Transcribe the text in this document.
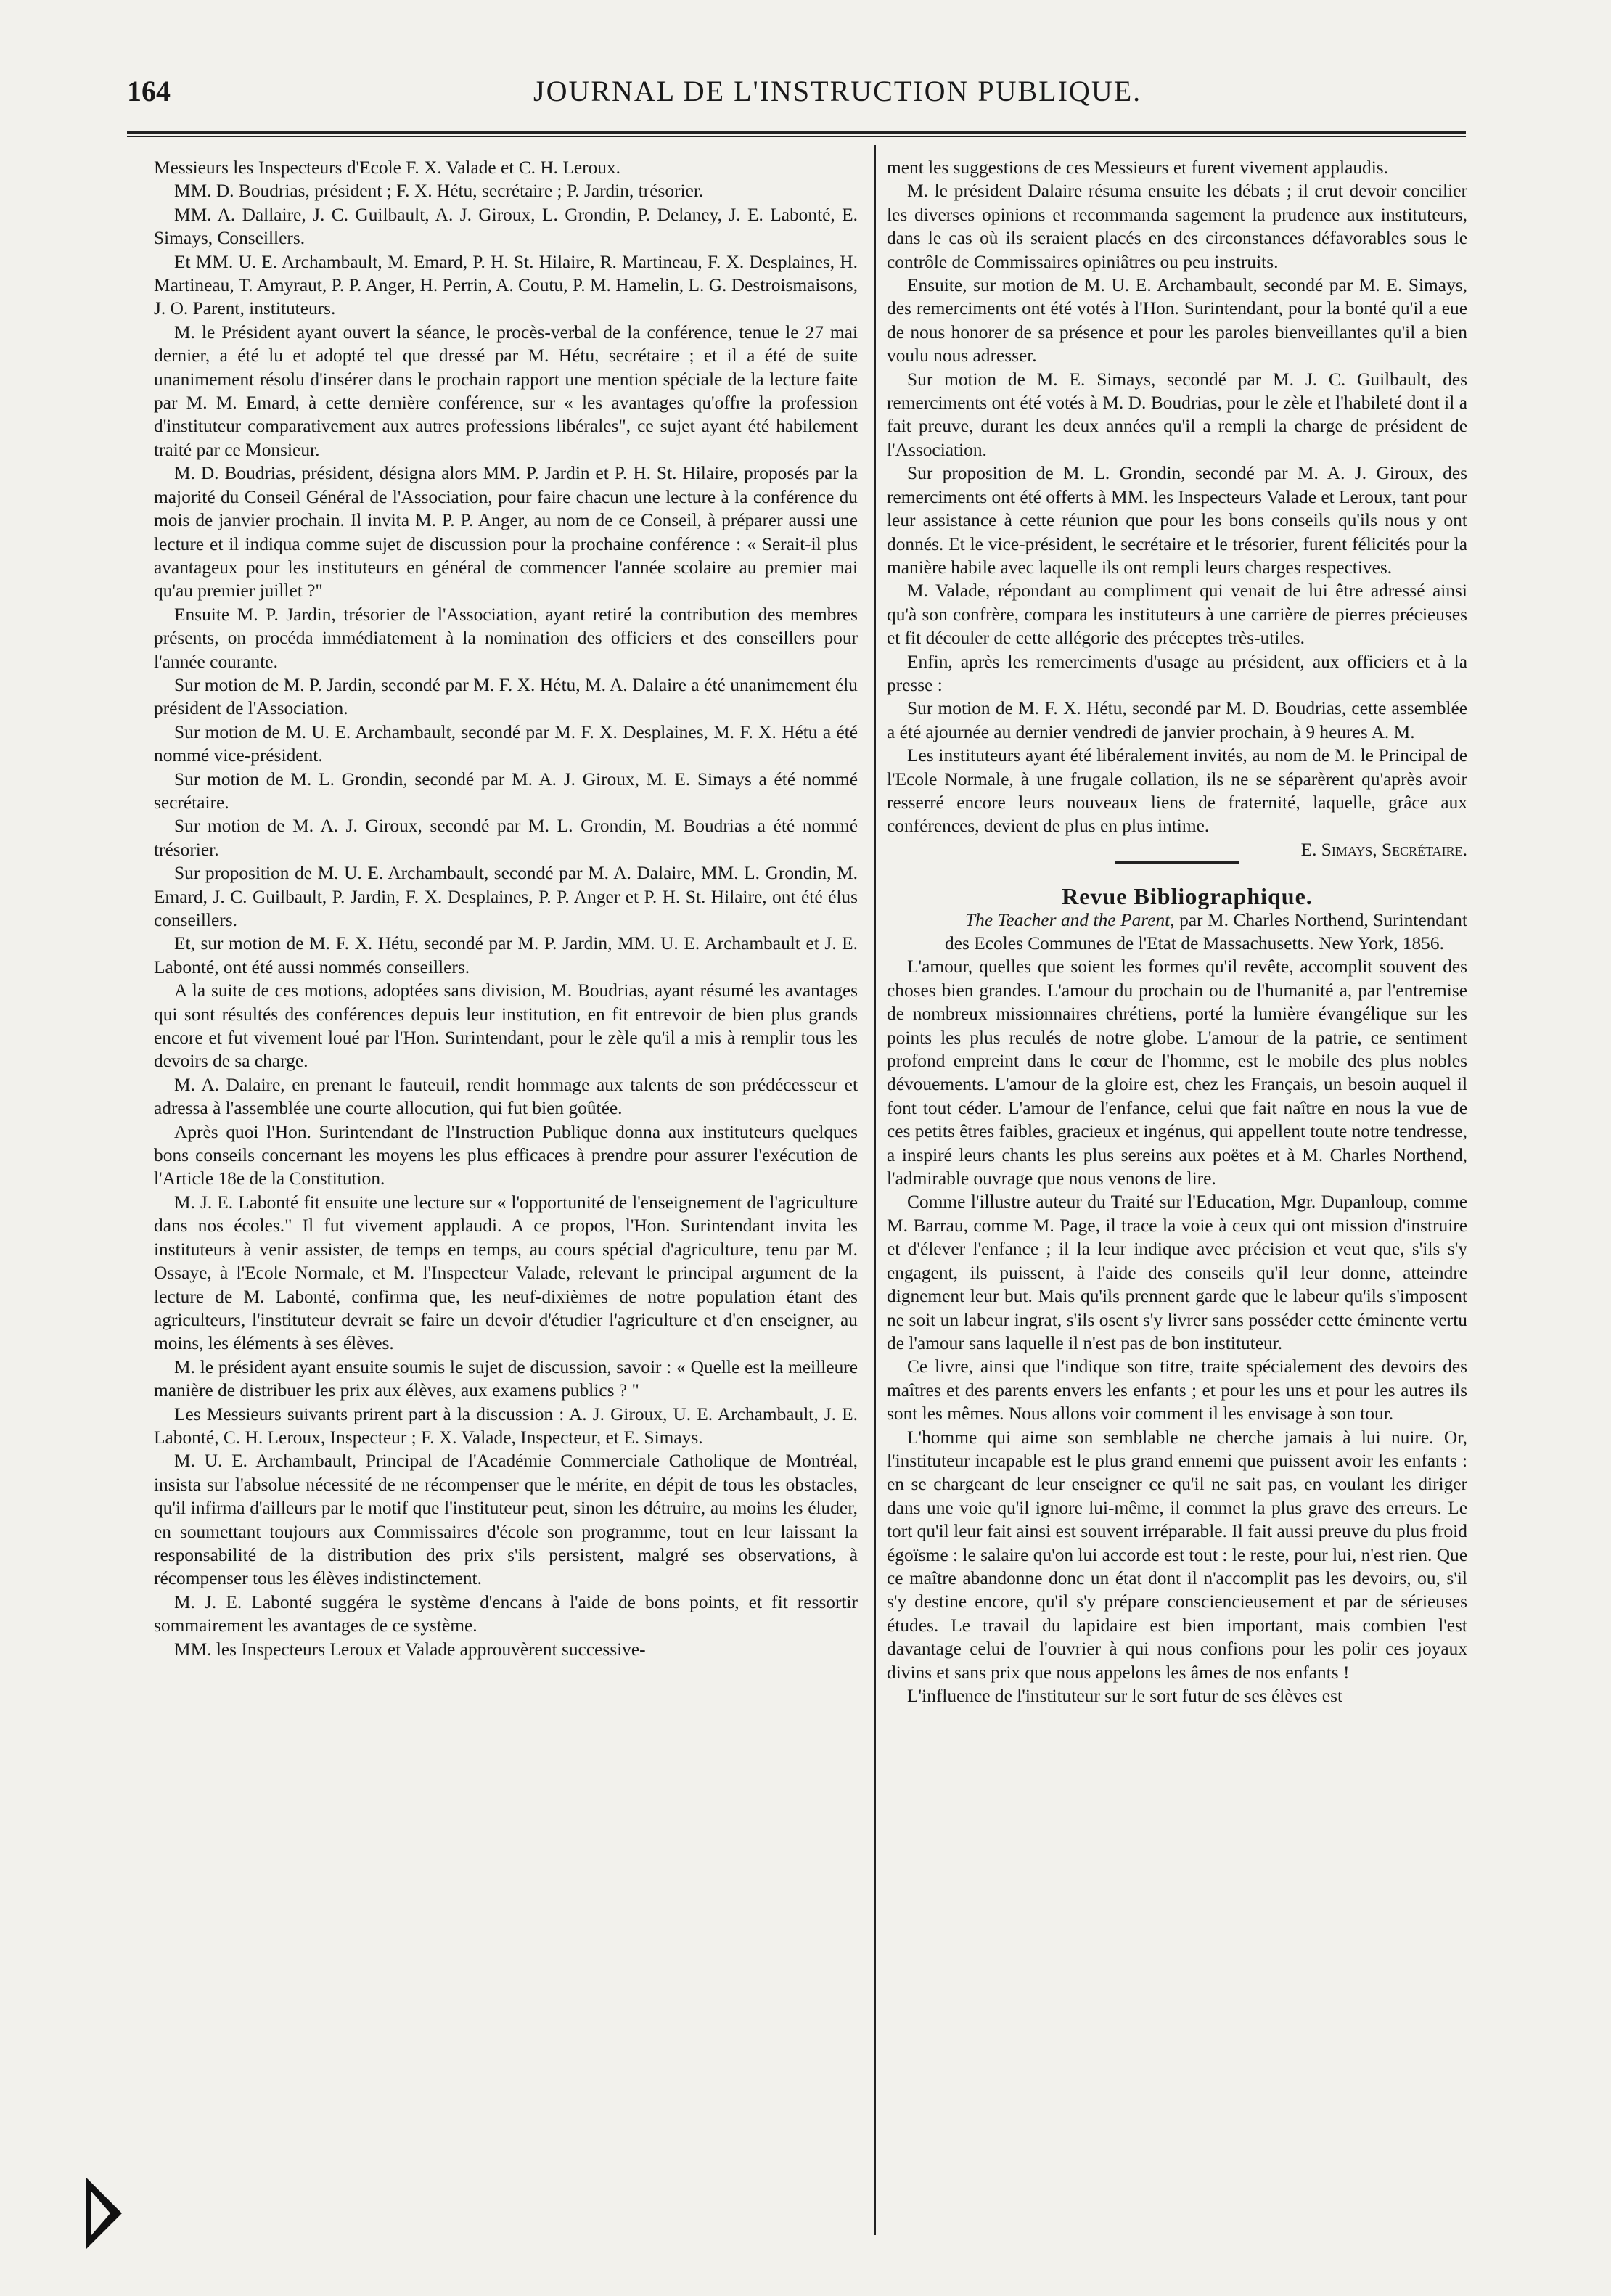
164	JOURNAL DE L'INSTRUCTION PUBLIQUE.

Messieurs les Inspecteurs d'Ecole F. X. Valade et C. H. Leroux.

MM. D. Boudrias, président ; F. X. Hétu, secrétaire ; P. Jardin, trésorier.

MM. A. Dallaire, J. C. Guilbault, A. J. Giroux, L. Grondin, P. Delaney, J. E. Labonté, E. Simays, Conseillers.

Et MM. U. E. Archambault, M. Emard, P. H. St. Hilaire, R. Martineau, F. X. Desplaines, H. Martineau, T. Amyraut, P. P. Anger, H. Perrin, A. Coutu, P. M. Hamelin, L. G. Destroismaisons, J. O. Parent, instituteurs.

M. le Président ayant ouvert la séance, le procès-verbal de la conférence, tenue le 27 mai dernier, a été lu et adopté tel que dressé par M. Hétu, secrétaire ; et il a été de suite unanimement résolu d'insérer dans le prochain rapport une mention spéciale de la lecture faite par M. M. Emard, à cette dernière conférence, sur « les avantages qu'offre la profession d'instituteur comparativement aux autres professions libérales", ce sujet ayant été habilement traité par ce Monsieur.

M. D. Boudrias, président, désigna alors MM. P. Jardin et P. H. St. Hilaire, proposés par la majorité du Conseil Général de l'Association, pour faire chacun une lecture à la conférence du mois de janvier prochain. Il invita M. P. P. Anger, au nom de ce Conseil, à préparer aussi une lecture et il indiqua comme sujet de discussion pour la prochaine conférence : « Serait-il plus avantageux pour les instituteurs en général de commencer l'année scolaire au premier mai qu'au premier juillet ?"

Ensuite M. P. Jardin, trésorier de l'Association, ayant retiré la contribution des membres présents, on procéda immédiatement à la nomination des officiers et des conseillers pour l'année courante.

Sur motion de M. P. Jardin, secondé par M. F. X. Hétu, M. A. Dalaire a été unanimement élu président de l'Association.

Sur motion de M. U. E. Archambault, secondé par M. F. X. Desplaines, M. F. X. Hétu a été nommé vice-président.

Sur motion de M. L. Grondin, secondé par M. A. J. Giroux, M. E. Simays a été nommé secrétaire.

Sur motion de M. A. J. Giroux, secondé par M. L. Grondin, M. Boudrias a été nommé trésorier.

Sur proposition de M. U. E. Archambault, secondé par M. A. Dalaire, MM. L. Grondin, M. Emard, J. C. Guilbault, P. Jardin, F. X. Desplaines, P. P. Anger et P. H. St. Hilaire, ont été élus conseillers.

Et, sur motion de M. F. X. Hétu, secondé par M. P. Jardin, MM. U. E. Archambault et J. E. Labonté, ont été aussi nommés conseillers.

A la suite de ces motions, adoptées sans division, M. Boudrias, ayant résumé les avantages qui sont résultés des conférences depuis leur institution, en fit entrevoir de bien plus grands encore et fut vivement loué par l'Hon. Surintendant, pour le zèle qu'il a mis à remplir tous les devoirs de sa charge.

M. A. Dalaire, en prenant le fauteuil, rendit hommage aux talents de son prédécesseur et adressa à l'assemblée une courte allocution, qui fut bien goûtée.

Après quoi l'Hon. Surintendant de l'Instruction Publique donna aux instituteurs quelques bons conseils concernant les moyens les plus efficaces à prendre pour assurer l'exécution de l'Article 18e de la Constitution.

M. J. E. Labonté fit ensuite une lecture sur « l'opportunité de l'enseignement de l'agriculture dans nos écoles." Il fut vivement applaudi. A ce propos, l'Hon. Surintendant invita les instituteurs à venir assister, de temps en temps, au cours spécial d'agriculture, tenu par M. Ossaye, à l'Ecole Normale, et M. l'Inspecteur Valade, relevant le principal argument de la lecture de M. Labonté, confirma que, les neuf-dixièmes de notre population étant des agriculteurs, l'instituteur devrait se faire un devoir d'étudier l'agriculture et d'en enseigner, au moins, les éléments à ses élèves.

M. le président ayant ensuite soumis le sujet de discussion, savoir : « Quelle est la meilleure manière de distribuer les prix aux élèves, aux examens publics ? "

Les Messieurs suivants prirent part à la discussion : A. J. Giroux, U. E. Archambault, J. E. Labonté, C. H. Leroux, Inspecteur ; F. X. Valade, Inspecteur, et E. Simays.

M. U. E. Archambault, Principal de l'Académie Commerciale Catholique de Montréal, insista sur l'absolue nécessité de ne récompenser que le mérite, en dépit de tous les obstacles, qu'il infirma d'ailleurs par le motif que l'instituteur peut, sinon les détruire, au moins les éluder, en soumettant toujours aux Commissaires d'école son programme, tout en leur laissant la responsabilité de la distribution des prix s'ils persistent, malgré ses observations, à récompenser tous les élèves indistinctement.

M. J. E. Labonté suggéra le système d'encans à l'aide de bons points, et fit ressortir sommairement les avantages de ce système.

MM. les Inspecteurs Leroux et Valade approuvèrent successive-

ment les suggestions de ces Messieurs et furent vivement applaudis.

M. le président Dalaire résuma ensuite les débats ; il crut devoir concilier les diverses opinions et recommanda sagement la prudence aux instituteurs, dans le cas où ils seraient placés en des circonstances défavorables sous le contrôle de Commissaires opiniâtres ou peu instruits.

Ensuite, sur motion de M. U. E. Archambault, secondé par M. E. Simays, des remerciments ont été votés à l'Hon. Surintendant, pour la bonté qu'il a eue de nous honorer de sa présence et pour les paroles bienveillantes qu'il a bien voulu nous adresser.

Sur motion de M. E. Simays, secondé par M. J. C. Guilbault, des remerciments ont été votés à M. D. Boudrias, pour le zèle et l'habileté dont il a fait preuve, durant les deux années qu'il a rempli la charge de président de l'Association.

Sur proposition de M. L. Grondin, secondé par M. A. J. Giroux, des remerciments ont été offerts à MM. les Inspecteurs Valade et Leroux, tant pour leur assistance à cette réunion que pour les bons conseils qu'ils nous y ont donnés. Et le vice-président, le secrétaire et le trésorier, furent félicités pour la manière habile avec laquelle ils ont rempli leurs charges respectives.

M. Valade, répondant au compliment qui venait de lui être adressé ainsi qu'à son confrère, compara les instituteurs à une carrière de pierres précieuses et fit découler de cette allégorie des préceptes très-utiles.

Enfin, après les remerciments d'usage au président, aux officiers et à la presse :

Sur motion de M. F. X. Hétu, secondé par M. D. Boudrias, cette assemblée a été ajournée au dernier vendredi de janvier prochain, à 9 heures A. M.

Les instituteurs ayant été libéralement invités, au nom de M. le Principal de l'Ecole Normale, à une frugale collation, ils ne se séparèrent qu'après avoir resserré encore leurs nouveaux liens de fraternité, laquelle, grâce aux conférences, devient de plus en plus intime.

E. Simays, Secrétaire.

Revue Bibliographique.

The Teacher and the Parent, par M. Charles Northend, Surintendant des Ecoles Communes de l'Etat de Massachusetts. New York, 1856.

L'amour, quelles que soient les formes qu'il revête, accomplit souvent des choses bien grandes. L'amour du prochain ou de l'humanité a, par l'entremise de nombreux missionnaires chrétiens, porté la lumière évangélique sur les points les plus reculés de notre globe. L'amour de la patrie, ce sentiment profond empreint dans le cœur de l'homme, est le mobile des plus nobles dévouements. L'amour de la gloire est, chez les Français, un besoin auquel il font tout céder. L'amour de l'enfance, celui que fait naître en nous la vue de ces petits êtres faibles, gracieux et ingénus, qui appellent toute notre tendresse, a inspiré leurs chants les plus sereins aux poëtes et à M. Charles Northend, l'admirable ouvrage que nous venons de lire.

Comme l'illustre auteur du Traité sur l'Education, Mgr. Dupanloup, comme M. Barrau, comme M. Page, il trace la voie à ceux qui ont mission d'instruire et d'élever l'enfance ; il la leur indique avec précision et veut que, s'ils s'y engagent, ils puissent, à l'aide des conseils qu'il leur donne, atteindre dignement leur but. Mais qu'ils prennent garde que le labeur qu'ils s'imposent ne soit un labeur ingrat, s'ils osent s'y livrer sans posséder cette éminente vertu de l'amour sans laquelle il n'est pas de bon instituteur.

Ce livre, ainsi que l'indique son titre, traite spécialement des devoirs des maîtres et des parents envers les enfants ; et pour les uns et pour les autres ils sont les mêmes. Nous allons voir comment il les envisage à son tour.

L'homme qui aime son semblable ne cherche jamais à lui nuire. Or, l'instituteur incapable est le plus grand ennemi que puissent avoir les enfants : en se chargeant de leur enseigner ce qu'il ne sait pas, en voulant les diriger dans une voie qu'il ignore lui-même, il commet la plus grave des erreurs. Le tort qu'il leur fait ainsi est souvent irréparable. Il fait aussi preuve du plus froid égoïsme : le salaire qu'on lui accorde est tout : le reste, pour lui, n'est rien. Que ce maître abandonne donc un état dont il n'accomplit pas les devoirs, ou, s'il s'y destine encore, qu'il s'y prépare consciencieusement et par de sérieuses études. Le travail du lapidaire est bien important, mais combien l'est davantage celui de l'ouvrier à qui nous confions pour les polir ces joyaux divins et sans prix que nous appelons les âmes de nos enfants !

L'influence de l'instituteur sur le sort futur de ses élèves est
